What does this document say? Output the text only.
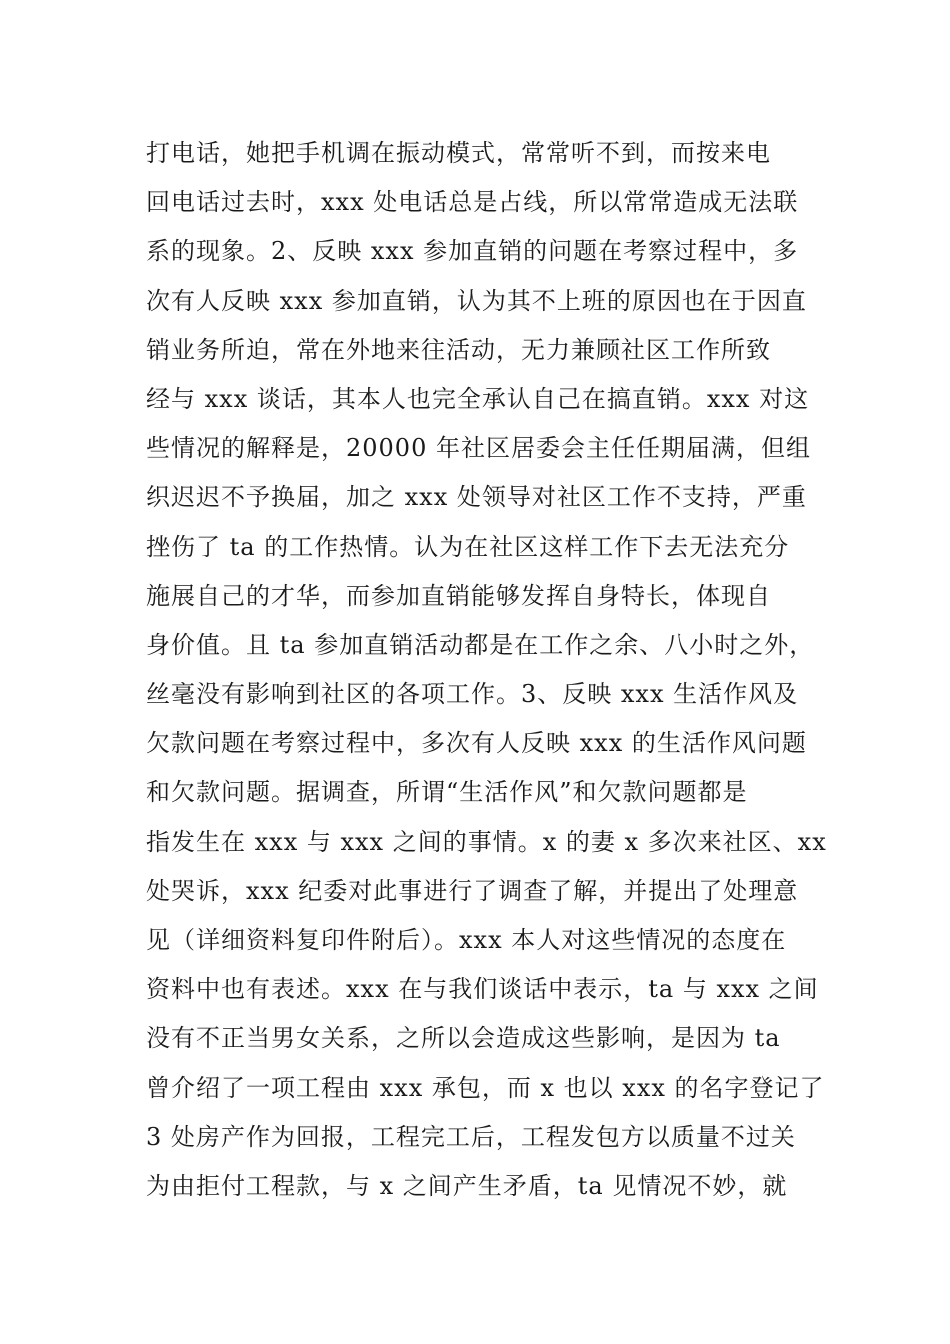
打电话，她把手机调在振动模式，常常听不到，而按来电
回电话过去时，xxx 处电话总是占线，所以常常造成无法联
系的现象。2、反映 xxx 参加直销的问题在考察过程中，多
次有人反映 xxx 参加直销，认为其不上班的原因也在于因直
销业务所迫，常在外地来往活动，无力兼顾社区工作所致
经与 xxx 谈话，其本人也完全承认自己在搞直销。xxx 对这
些情况的解释是，20000 年社区居委会主任任期届满，但组
织迟迟不予换届，加之 xxx 处领导对社区工作不支持，严重
挫伤了 ta 的工作热情。认为在社区这样工作下去无法充分
施展自己的才华，而参加直销能够发挥自身特长，体现自
身价值。且 ta 参加直销活动都是在工作之余、八小时之外，
丝毫没有影响到社区的各项工作。3、反映 xxx 生活作风及
欠款问题在考察过程中，多次有人反映 xxx 的生活作风问题
和欠款问题。据调查，所谓“生活作风”和欠款问题都是
指发生在 xxx 与 xxx 之间的事情。x 的妻 x 多次来社区、xx
处哭诉，xxx 纪委对此事进行了调查了解，并提出了处理意
见（详细资料复印件附后）。xxx 本人对这些情况的态度在
资料中也有表述。xxx 在与我们谈话中表示，ta 与 xxx 之间
没有不正当男女关系，之所以会造成这些影响，是因为 ta
曾介绍了一项工程由 xxx 承包，而 x 也以 xxx 的名字登记了
3 处房产作为回报，工程完工后，工程发包方以质量不过关
为由拒付工程款，与 x 之间产生矛盾，ta 见情况不妙，就
